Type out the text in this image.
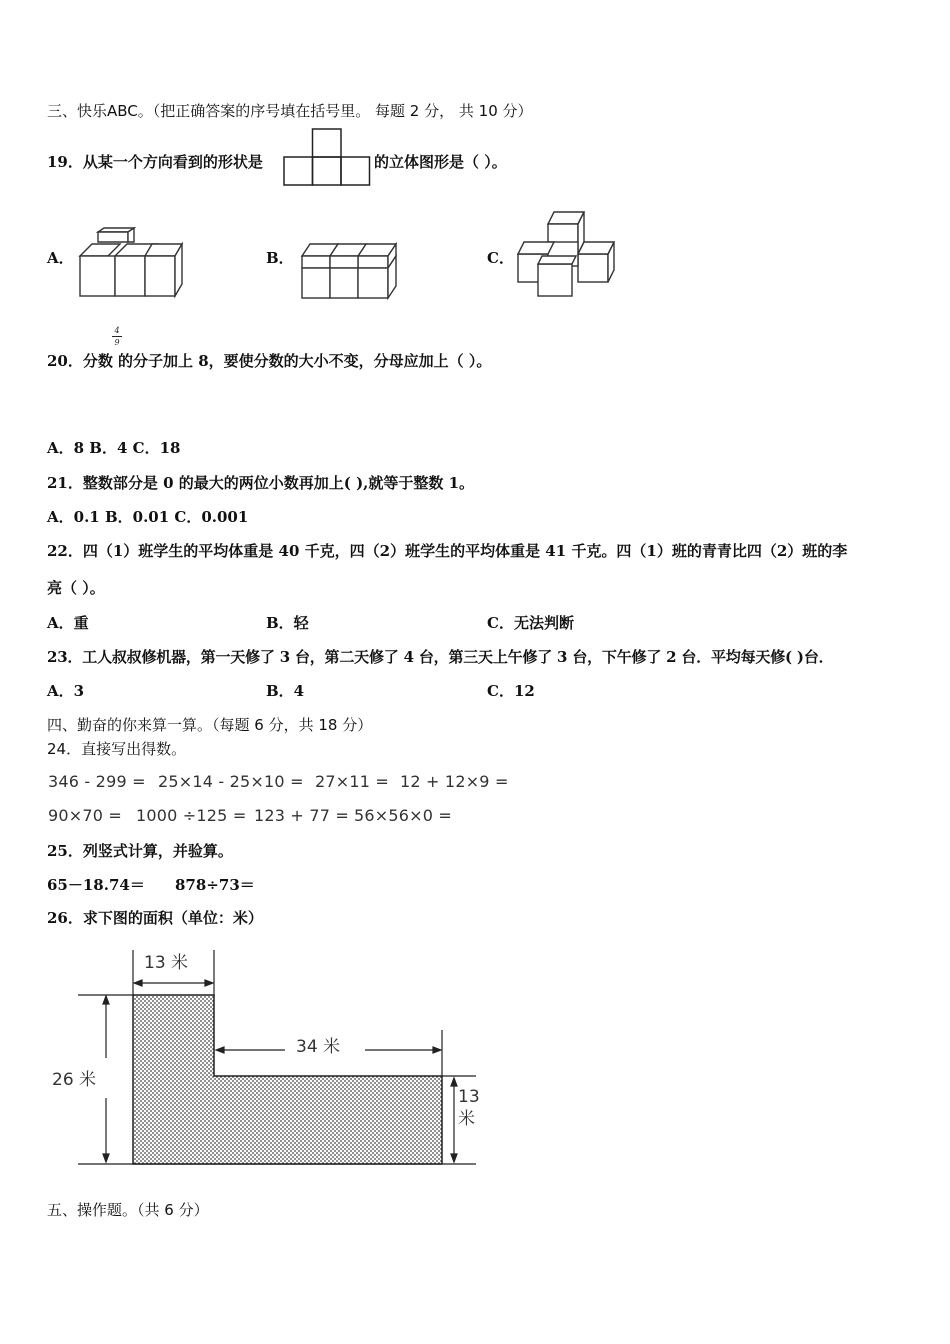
三、快乐ABC。（把正确答案的序号填在括号里。 每题 2 分， 共 10 分）
19．从某一个方向看到的形状是	的立体图形是（ ）。
A．	B．	C．
4
9
20．分数 的分子加上 8，要使分数的大小不变，分母应加上（ ）。
A．8 B．4 C．18
21．整数部分是 0 的最大的两位小数再加上( ),就等于整数 1。
A．0.1 B．0.01 C．0.001
22．四（1）班学生的平均体重是 40 千克，四（2）班学生的平均体重是 41 千克。四（1）班的青青比四（2）班的李
亮（ ）。
A．重	B．轻	C．无法判断
23．工人叔叔修机器，第一天修了 3 台，第二天修了 4 台，第三天上午修了 3 台，下午修了 2 台．平均每天修( )台．
A．3	B．4	C．12
四、勤奋的你来算一算。（每题 6 分，共 18 分）
24．直接写出得数。
346 - 299 = 25×14 - 25×10 = 27×11 = 12 + 12×9 =
90×70 = 1000 ÷125 = 123 + 77 = 56×56×0 =
25．列竖式计算，并验算。
65－18.74＝ 878÷73＝
26．求下图的面积（单位：米）
13 米
26 米
34 米
13
米
五、操作题。（共 6 分）
